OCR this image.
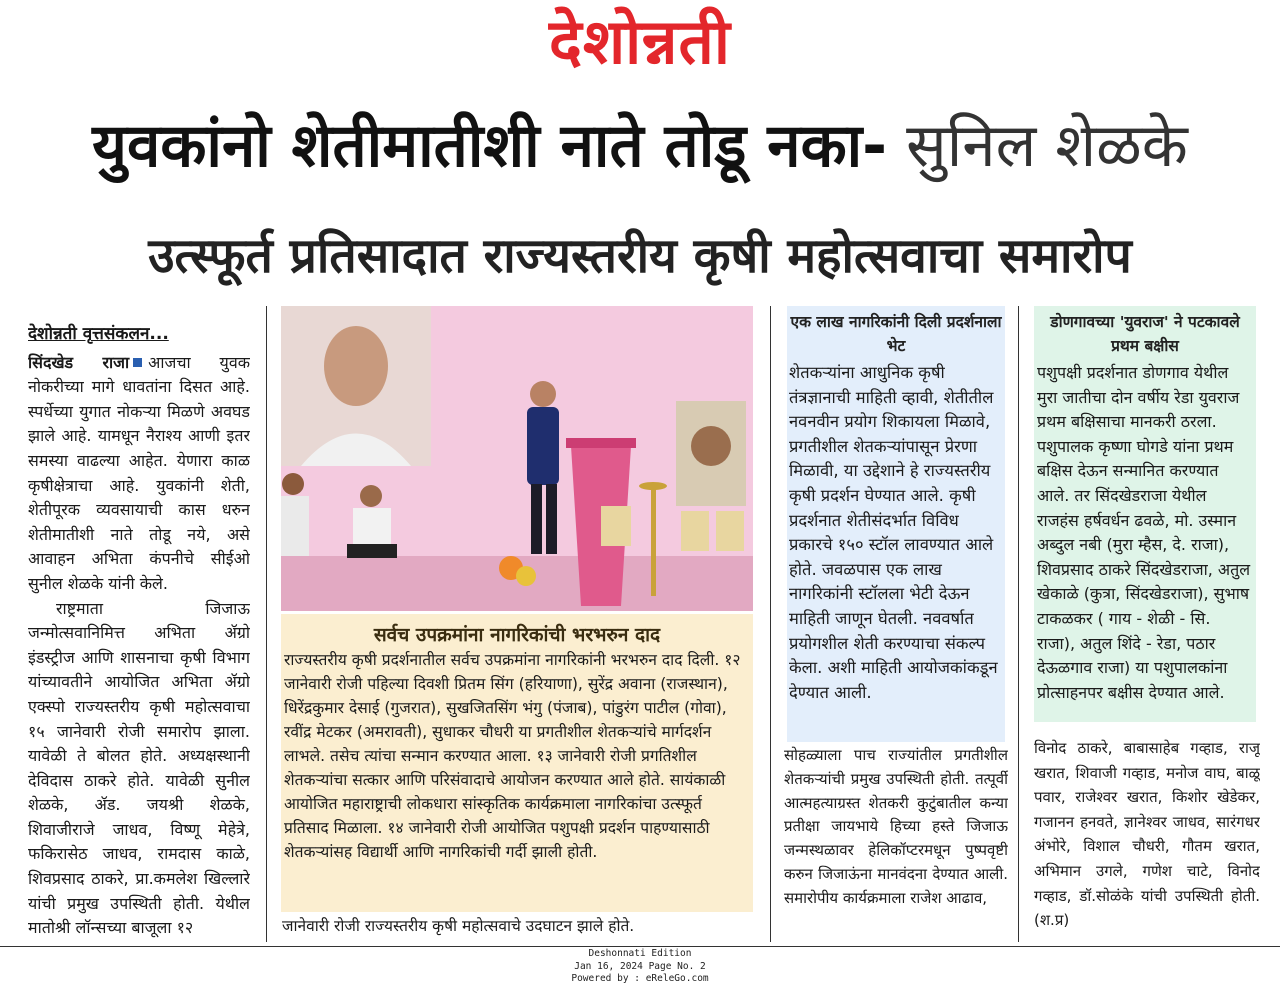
देशोन्नती
युवकांनो शेतीमातीशी नाते तोडू नका- सुनिल शेळके
उत्स्फूर्त प्रतिसादात राज्यस्तरीय कृषी महोत्सवाचा समारोप
देशोन्नती वृत्तसंकलन...

सिंदखेड राजा आजचा युवक नोकरीच्या मागे धावतांना दिसत आहे. स्पर्धेच्या युगात नोकऱ्या मिळणे अवघड झाले आहे. यामधून नैराश्य आणी इतर समस्या वाढल्या आहेत. येणारा काळ कृषीक्षेत्राचा आहे. युवकांनी शेती, शेतीपूरक व्यवसायाची कास धरुन शेतीमातीशी नाते तोडू नये, असे आवाहन अभिता कंपनीचे सीईओ सुनील शेळके यांनी केले.

राष्ट्रमाता जिजाऊ जन्मोत्सवानिमित्त अभिता ॲग्रो इंडस्ट्रीज आणि शासनाचा कृषी विभाग यांच्यावतीने आयोजित अभिता ॲग्रो एक्स्पो राज्यस्तरीय कृषी महोत्सवाचा १५ जानेवारी रोजी समारोप झाला. यावेळी ते बोलत होते. अध्यक्षस्थानी देविदास ठाकरे होते. यावेळी सुनील शेळके, ॲड. जयश्री शेळके, शिवाजीराजे जाधव, विष्णू मेहेत्रे, फकिरासेठ जाधव, रामदास काळे, शिवप्रसाद ठाकरे, प्रा.कमलेश खिल्लारे यांची प्रमुख उपस्थिती होती. येथील मातोश्री लॉन्सच्या बाजूला १२

सर्वच उपक्रमांना नागरिकांची भरभरुन दाद
राज्यस्तरीय कृषी प्रदर्शनातील सर्वच उपक्रमांना नागरिकांनी भरभरुन दाद दिली. १२ जानेवारी रोजी पहिल्या दिवशी प्रितम सिंग (हरियाणा), सुरेंद्र अवाना (राजस्थान), धिरेंद्रकुमार देसाई (गुजरात), सुखजितसिंग भंगु (पंजाब), पांडुरंग पाटील (गोवा), रवींद्र मेटकर (अमरावती), सुधाकर चौधरी या प्रगतीशील शेतकऱ्यांचे मार्गदर्शन लाभले. तसेच त्यांचा सन्मान करण्यात आला. १३ जानेवारी रोजी प्रगतिशील शेतकऱ्यांचा सत्कार आणि परिसंवादाचे आयोजन करण्यात आले होते. सायंकाळी आयोजित महाराष्ट्राची लोकधारा सांस्कृतिक कार्यक्रमाला नागरिकांचा उत्स्फूर्त प्रतिसाद मिळाला. १४ जानेवारी रोजी आयोजित पशुपक्षी प्रदर्शन पाहण्यासाठी शेतकऱ्यांसह विद्यार्थी आणि नागरिकांची गर्दी झाली होती.
जानेवारी रोजी राज्यस्तरीय कृषी महोत्सवाचे उदघाटन झाले होते.
एक लाख नागरिकांनी दिली प्रदर्शनाला भेट

शेतकऱ्यांना आधुनिक कृषी तंत्रज्ञानाची माहिती व्हावी, शेतीतील नवनवीन प्रयोग शिकायला मिळावे, प्रगतीशील शेतकऱ्यांपासून प्रेरणा मिळावी, या उद्देशाने हे राज्यस्तरीय कृषी प्रदर्शन घेण्यात आले. कृषी प्रदर्शनात शेतीसंदर्भात विविध प्रकारचे १५० स्टॉल लावण्यात आले होते. जवळपास एक लाख नागरिकांनी स्टॉलला भेटी देऊन माहिती जाणून घेतली. नववर्षात प्रयोगशील शेती करण्याचा संकल्प केला. अशी माहिती आयोजकांकडून देण्यात आली.

सोहळ्याला पाच राज्यांतील प्रगतीशील शेतकऱ्यांची प्रमुख उपस्थिती होती. तत्पूर्वी आत्महत्याग्रस्त शेतकरी कुटुंबातील कन्या प्रतीक्षा जायभाये हिच्या हस्ते जिजाऊ जन्मस्थळावर हेलिकॉप्टरमधून पुष्पवृष्टी करुन जिजाऊंना मानवंदना देण्यात आली. समारोपीय कार्यक्रमाला राजेश आढाव,
डोणगावच्या 'युवराज' ने पटकावले प्रथम बक्षीस

पशुपक्षी प्रदर्शनात डोणगाव येथील मुरा जातीचा दोन वर्षीय रेडा युवराज प्रथम बक्षिसाचा मानकरी ठरला. पशुपालक कृष्णा घोगडे यांना प्रथम बक्षिस देऊन सन्मानित करण्यात आले. तर सिंदखेडराजा येथील राजहंस हर्षवर्धन ढवळे, मो. उस्मान अब्दुल नबी (मुरा म्हैस, दे. राजा), शिवप्रसाद ठाकरे सिंदखेडराजा, अतुल खेकाळे (कुत्रा, सिंदखेडराजा), सुभाष टाकळकर ( गाय - शेळी - सि. राजा), अतुल शिंदे - रेडा, पठार देऊळगाव राजा) या पशुपालकांना प्रोत्साहनपर बक्षीस देण्यात आले.

विनोद ठाकरे, बाबासाहेब गव्हाड, राजू खरात, शिवाजी गव्हाड, मनोज वाघ, बाळू पवार, राजेश्वर खरात, किशोर खेडेकर, गजानन हनवते, ज्ञानेश्वर जाधव, सारंगधर अंभोरे, विशाल चौधरी, गौतम खरात, अभिमान उगले, गणेश चाटे, विनोद गव्हाड, डॉ.सोळंके यांची उपस्थिती होती. (श.प्र)
Deshonnati Edition
Jan 16, 2024 Page No. 2
Powered by : eReleGo.com
